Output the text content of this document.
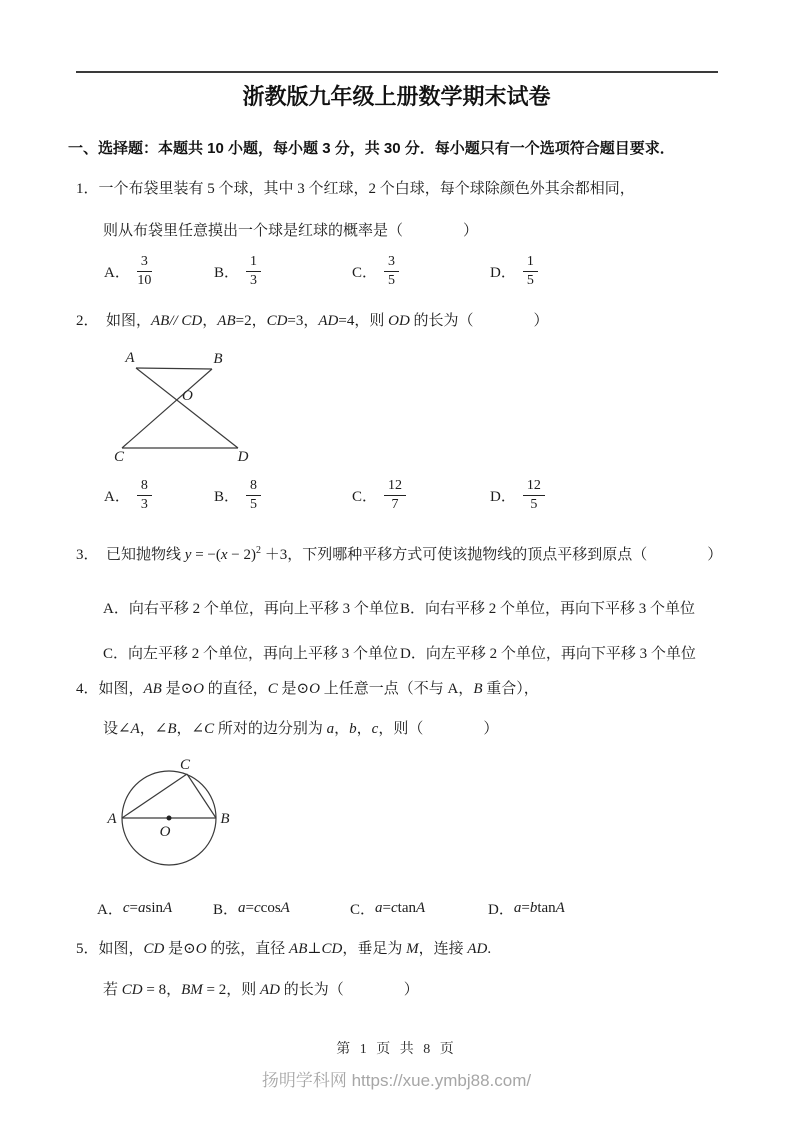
浙教版九年级上册数学期末试卷
一、选择题：本题共 10 小题，每小题 3 分，共 30 分．每小题只有一个选项符合题目要求．
1．一个布袋里装有 5 个球，其中 3 个红球，2 个白球，每个球除颜色外其余都相同，
则从布袋里任意摸出一个球是红球的概率是（　　　　）
A． $\frac{3}{10}$	B． $\frac{1}{3}$	C． $\frac{3}{5}$	D． $\frac{1}{5}$
2．　如图，AB// CD，AB=2，CD=3，AD=4，则 OD 的长为（　　　　）
A	B
O
C	D
A． $\frac{8}{3}$	B． $\frac{8}{5}$	C． $\frac{12}{7}$	D． $\frac{12}{5}$
3．　已知抛物线 $y = -(x - 2)^2 +3$，下列哪种平移方式可使该抛物线的顶点平移到原点（　　　　）
A．向右平移 2 个单位，再向上平移 3 个单位 B．向右平移 2 个单位，再向下平移 3 个单位
C．向左平移 2 个单位，再向上平移 3 个单位 D．向左平移 2 个单位，再向下平移 3 个单位
4．如图，AB 是⊙O 的直径，C 是⊙O 上任意一点（不与 A，B 重合），
设∠A，∠B，∠C 所对的边分别为 a，b，c，则（　　　　）
A	B
O
C
A． c = a sin A	B． a = c cos A	C． a = c tan A	D． a = b tan A
5．如图，CD 是⊙O 的弦，直径 AB⊥CD，垂足为 M，连接 AD.
若 CD = 8，BM = 2，则 AD 的长为（　　　　）
第 1 页 共 8 页
扬明学科网 https://xue.ymbj88.com/
